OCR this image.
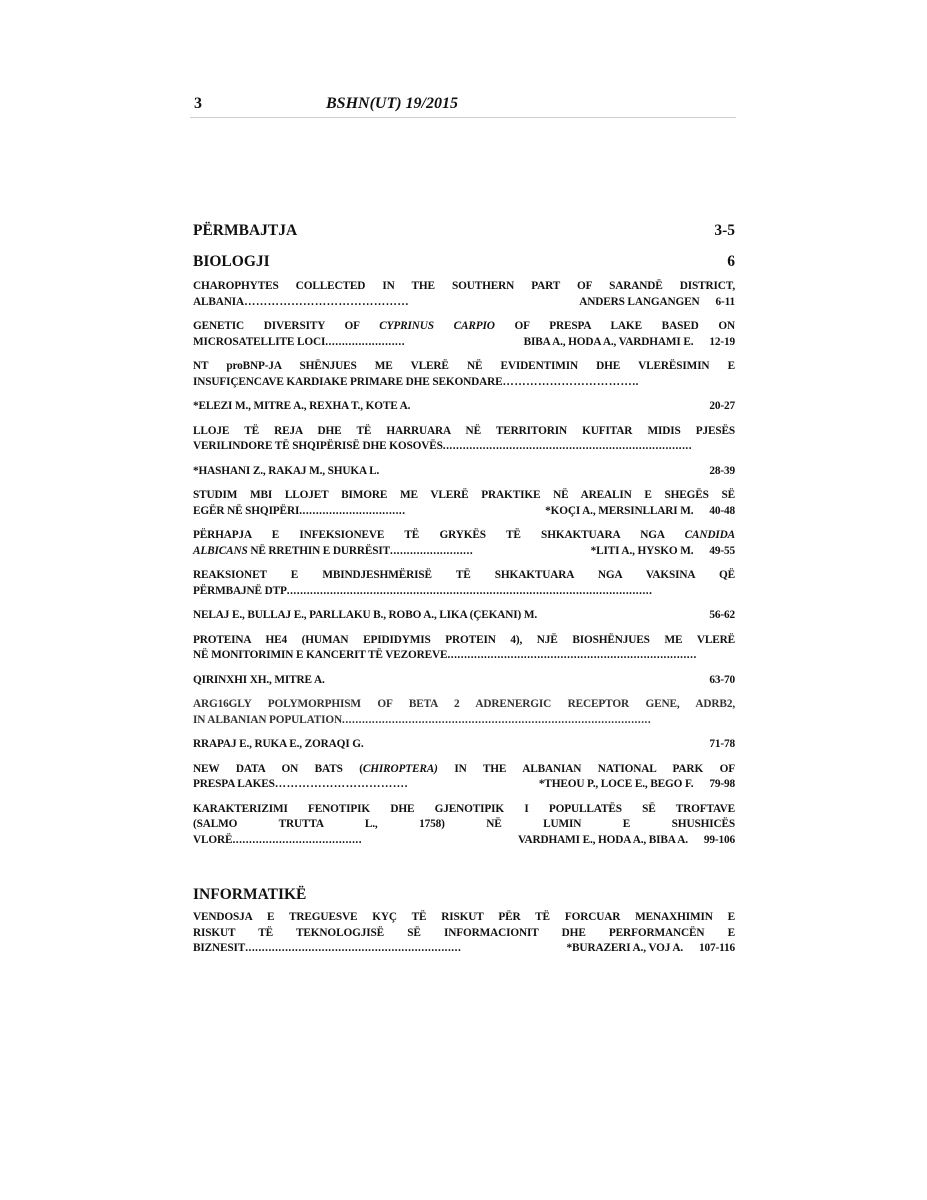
3	BSHN(UT) 19/2015
PËRMBAJTJA	3-5
BIOLOGJI	6
CHAROPHYTES COLLECTED IN THE SOUTHERN PART OF SARANDË DISTRICT,
ALBANIA ……………………………………	ANDERS LANGANGEN 6-11
GENETIC DIVERSITY OF CYPRINUS CARPIO OF PRESPA LAKE BASED ON
MICROSATELLITE LOCI ........................	BIBA A., HODA A., VARDHAMI E. 12-19
NT proBNP-JA SHËNJUES ME VLERË NË EVIDENTIMIN DHE VLERËSIMIN E
INSUFIÇENCAVE KARDIAKE PRIMARE DHE SEKONDARE ……………………………..
*ELEZI M., MITRE A., REXHA T., KOTE A.	20-27
LLOJE TË REJA DHE TË HARRUARA NË TERRITORIN KUFITAR MIDIS PJESËS
VERILINDORE TË SHQIPËRISË DHE KOSOVËS ...........................................................................
*HASHANI Z., RAKAJ M., SHUKA L.	28-39
STUDIM MBI LLOJET BIMORE ME VLERË PRAKTIKE NË AREALIN E SHEGËS SË
EGËR NË SHQIPËRI ................................	*KOÇI A., MERSINLLARI M. 40-48
PËRHAPJA E INFEKSIONEVE TË GRYKËS TË SHKAKTUARA NGA CANDIDA
ALBICANS NË RRETHIN E DURRËSIT .........................	*LITI A., HYSKO M. 49-55
REAKSIONET E MBINDJESHMËRISË TË SHKAKTUARA NGA VAKSINA QË
PËRMBAJNË DTP ..............................................................................................................
NELAJ E., BULLAJ E., PARLLAKU B., ROBO A., LIKA (ÇEKANI) M.	56-62
PROTEINA HE4 (HUMAN EPIDIDYMIS PROTEIN 4), NJË BIOSHËNJUES ME VLERË
NË MONITORIMIN E KANCERIT TË VEZOREVE ...........................................................................
QIRINXHI XH., MITRE A.	63-70
ARG16GLY POLYMORPHISM OF BETA 2 ADRENERGIC RECEPTOR GENE, ADRB2,
IN ALBANIAN POPULATION .............................................................................................
RRAPAJ E., RUKA E., ZORAQI G.	71-78
NEW DATA ON BATS (CHIROPTERA) IN THE ALBANIAN NATIONAL PARK OF
PRESPA LAKES …………………………….	*THEOU P., LOCE E., BEGO F. 79-98
KARAKTERIZIMI FENOTIPIK DHE GJENOTIPIK I POPULLATËS SË TROFTAVE
(SALMO TRUTTA L., 1758) NË LUMIN E SHUSHICËS
VLORË .......................................	VARDHAMI E., HODA A., BIBA A. 99-106
INFORMATIKË
VENDOSJA E TREGUESVE KYÇ TË RISKUT PËR TË FORCUAR MENAXHIMIN E
RISKUT TË TEKNOLOGJISË SË INFORMACIONIT DHE PERFORMANCËN E
BIZNESIT .................................................................	*BURAZERI A., VOJ A. 107-116
